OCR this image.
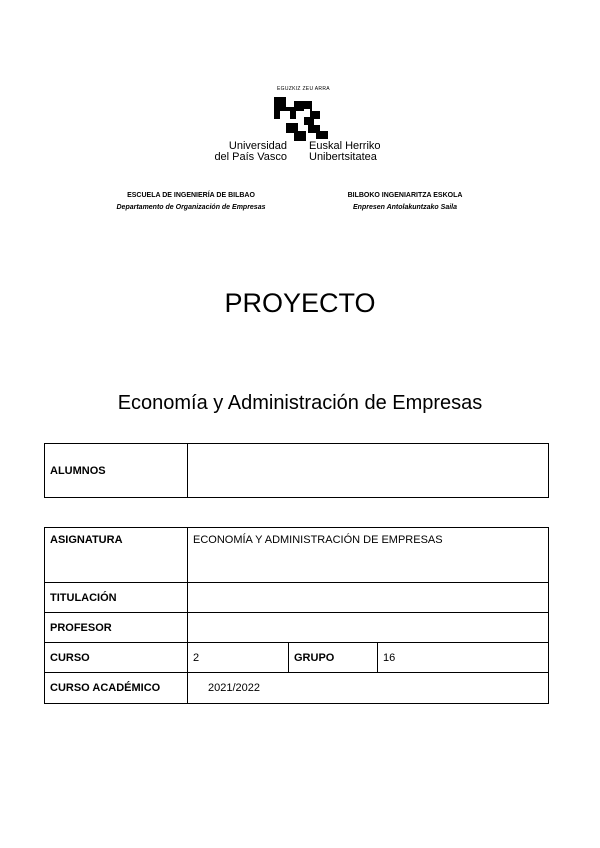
EGUZKIZ ZEU ARRA
Universidad
del País Vasco
Euskal Herriko
Unibertsitatea
ESCUELA DE INGENIERÍA DE BILBAO
Departamento de Organización de Empresas
BILBOKO INGENIARITZA ESKOLA
Enpresen Antolakuntzako Saila
PROYECTO
Economía y Administración de Empresas
ALUMNOS	
ASIGNATURA	ECONOMÍA Y ADMINISTRACIÓN DE EMPRESAS		
TITULACIÓN			
PROFESOR			
CURSO	2	GRUPO	16
CURSO ACADÉMICO	2021/2022		
